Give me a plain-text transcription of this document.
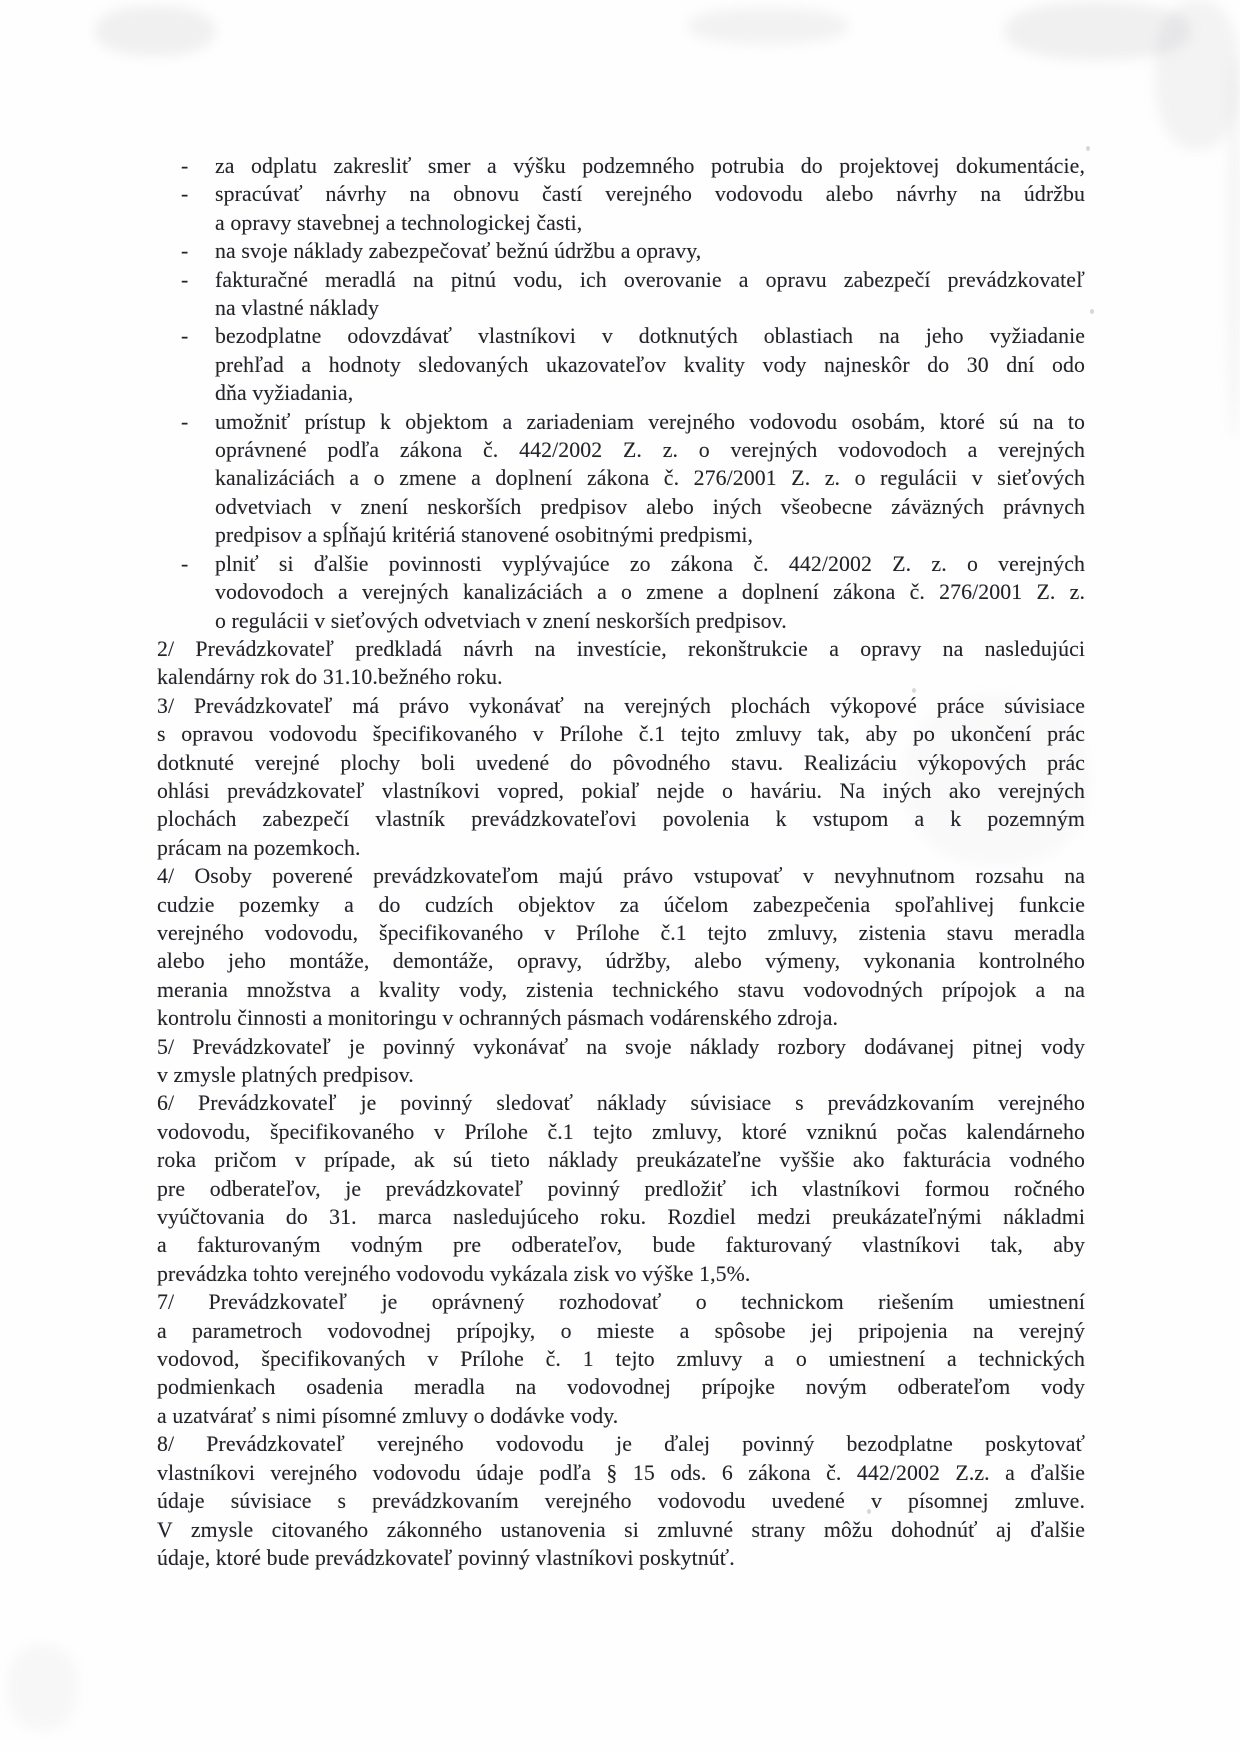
- za odplatu zakresliť smer a výšku podzemného potrubia do projektovej dokumentácie,
- spracúvať návrhy na obnovu častí verejného vodovodu alebo návrhy na údržbu
a opravy stavebnej a technologickej časti,
- na svoje náklady zabezpečovať bežnú údržbu a opravy,
- fakturačné meradlá na pitnú vodu, ich overovanie a opravu zabezpečí prevádzkovateľ
na vlastné náklady
- bezodplatne odovzdávať vlastníkovi v dotknutých oblastiach na jeho vyžiadanie
prehľad a hodnoty sledovaných ukazovateľov kvality vody najneskôr do 30 dní odo
dňa vyžiadania,
- umožniť prístup k objektom a zariadeniam verejného vodovodu osobám, ktoré sú na to
oprávnené podľa zákona č. 442/2002 Z. z. o verejných vodovodoch a verejných
kanalizáciách a o zmene a doplnení zákona č. 276/2001 Z. z. o regulácii v sieťových
odvetviach v znení neskorších predpisov alebo iných všeobecne záväzných právnych
predpisov a spĺňajú kritériá stanovené osobitnými predpismi,
- plniť si ďalšie povinnosti vyplývajúce zo zákona č. 442/2002 Z. z. o verejných
vodovodoch a verejných kanalizáciách a o zmene a doplnení zákona č. 276/2001 Z. z.
o regulácii v sieťových odvetviach v znení neskorších predpisov.
2/ Prevádzkovateľ predkladá návrh na investície, rekonštrukcie a opravy na nasledujúci
kalendárny rok do 31.10.bežného roku.
3/ Prevádzkovateľ má právo vykonávať na verejných plochách výkopové práce súvisiace
s opravou vodovodu špecifikovaného v Prílohe č.1 tejto zmluvy tak, aby po ukončení prác
dotknuté verejné plochy boli uvedené do pôvodného stavu. Realizáciu výkopových prác
ohlási prevádzkovateľ vlastníkovi vopred, pokiaľ nejde o haváriu. Na iných ako verejných
plochách zabezpečí vlastník prevádzkovateľovi povolenia k vstupom a k pozemným
prácam na pozemkoch.
4/ Osoby poverené prevádzkovateľom majú právo vstupovať v nevyhnutnom rozsahu na
cudzie pozemky a do cudzích objektov za účelom zabezpečenia spoľahlivej funkcie
verejného vodovodu, špecifikovaného v Prílohe č.1 tejto zmluvy, zistenia stavu meradla
alebo jeho montáže, demontáže, opravy, údržby, alebo výmeny, vykonania kontrolného
merania množstva a kvality vody, zistenia technického stavu vodovodných prípojok a na
kontrolu činnosti a monitoringu v ochranných pásmach vodárenského zdroja.
5/ Prevádzkovateľ je povinný vykonávať na svoje náklady rozbory dodávanej pitnej vody
v zmysle platných predpisov.
6/ Prevádzkovateľ je povinný sledovať náklady súvisiace s prevádzkovaním verejného
vodovodu, špecifikovaného v Prílohe č.1 tejto zmluvy, ktoré vzniknú počas kalendárneho
roka pričom v prípade, ak sú tieto náklady preukázateľne vyššie ako fakturácia vodného
pre odberateľov, je prevádzkovateľ povinný predložiť ich vlastníkovi formou ročného
vyúčtovania do 31. marca nasledujúceho roku. Rozdiel medzi preukázateľnými nákladmi
a fakturovaným vodným pre odberateľov, bude fakturovaný vlastníkovi tak, aby
prevádzka tohto verejného vodovodu vykázala zisk vo výške 1,5%.
7/ Prevádzkovateľ je oprávnený rozhodovať o technickom riešením umiestnení
a parametroch vodovodnej prípojky, o mieste a spôsobe jej pripojenia na verejný
vodovod, špecifikovaných v Prílohe č. 1 tejto zmluvy a o umiestnení a technických
podmienkach osadenia meradla na vodovodnej prípojke novým odberateľom vody
a uzatvárať s nimi písomné zmluvy o dodávke vody.
8/ Prevádzkovateľ verejného vodovodu je ďalej povinný bezodplatne poskytovať
vlastníkovi verejného vodovodu údaje podľa § 15 ods. 6 zákona č. 442/2002 Z.z. a ďalšie
údaje súvisiace s prevádzkovaním verejného vodovodu uvedené v písomnej zmluve.
V zmysle citovaného zákonného ustanovenia si zmluvné strany môžu dohodnúť aj ďalšie
údaje, ktoré bude prevádzkovateľ povinný vlastníkovi poskytnúť.
